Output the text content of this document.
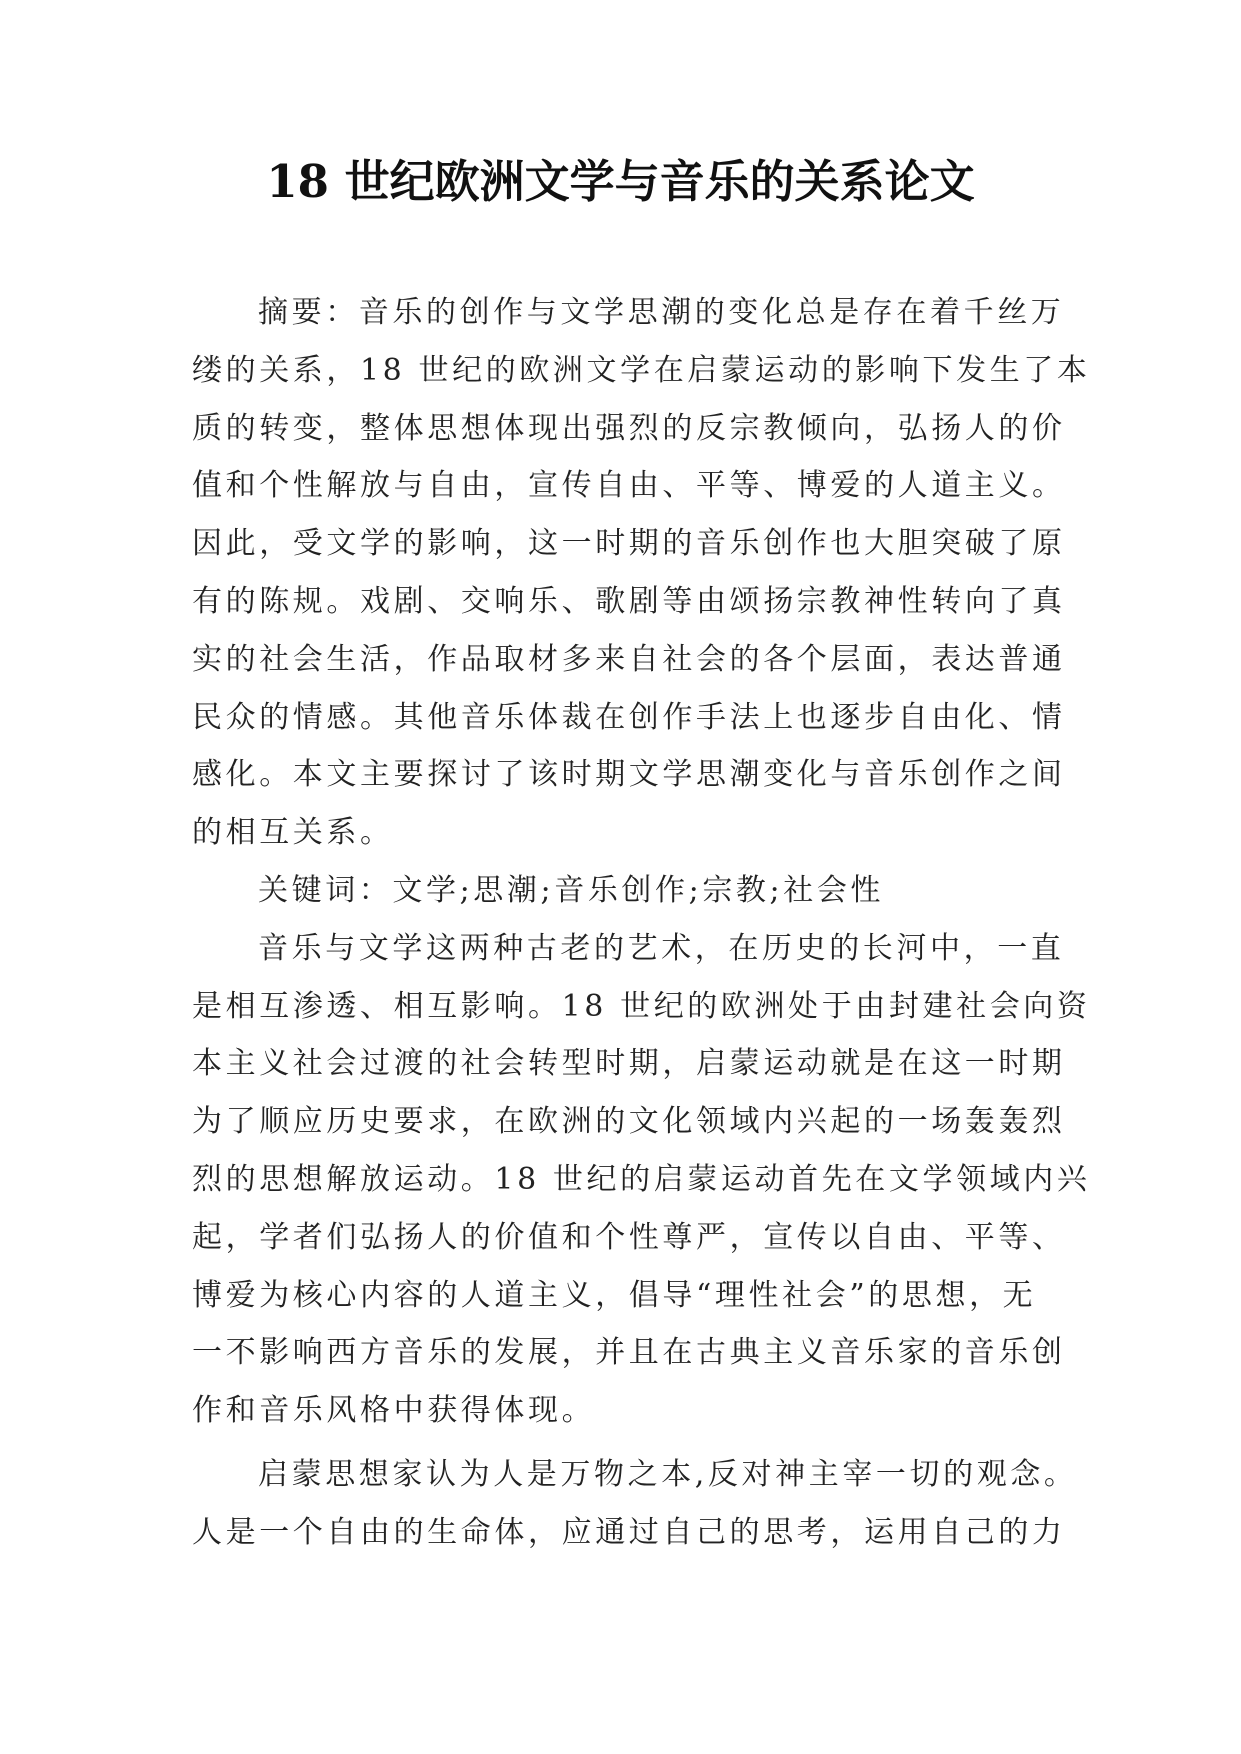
18 世纪欧洲文学与音乐的关系论文
摘要：音乐的创作与文学思潮的变化总是存在着千丝万
缕的关系，18 世纪的欧洲文学在启蒙运动的影响下发生了本
质的转变，整体思想体现出强烈的反宗教倾向，弘扬人的价
值和个性解放与自由，宣传自由、平等、博爱的人道主义。
因此，受文学的影响，这一时期的音乐创作也大胆突破了原
有的陈规。戏剧、交响乐、歌剧等由颂扬宗教神性转向了真
实的社会生活，作品取材多来自社会的各个层面，表达普通
民众的情感。其他音乐体裁在创作手法上也逐步自由化、情
感化。本文主要探讨了该时期文学思潮变化与音乐创作之间
的相互关系。
关键词：文学;思潮;音乐创作;宗教;社会性
音乐与文学这两种古老的艺术，在历史的长河中，一直
是相互渗透、相互影响。18 世纪的欧洲处于由封建社会向资
本主义社会过渡的社会转型时期，启蒙运动就是在这一时期
为了顺应历史要求，在欧洲的文化领域内兴起的一场轰轰烈
烈的思想解放运动。18 世纪的启蒙运动首先在文学领域内兴
起，学者们弘扬人的价值和个性尊严，宣传以自由、平等、
博爱为核心内容的人道主义，倡导“理性社会”的思想，无
一不影响西方音乐的发展，并且在古典主义音乐家的音乐创
作和音乐风格中获得体现。
启蒙思想家认为人是万物之本,反对神主宰一切的观念。
人是一个自由的生命体，应通过自己的思考，运用自己的力
